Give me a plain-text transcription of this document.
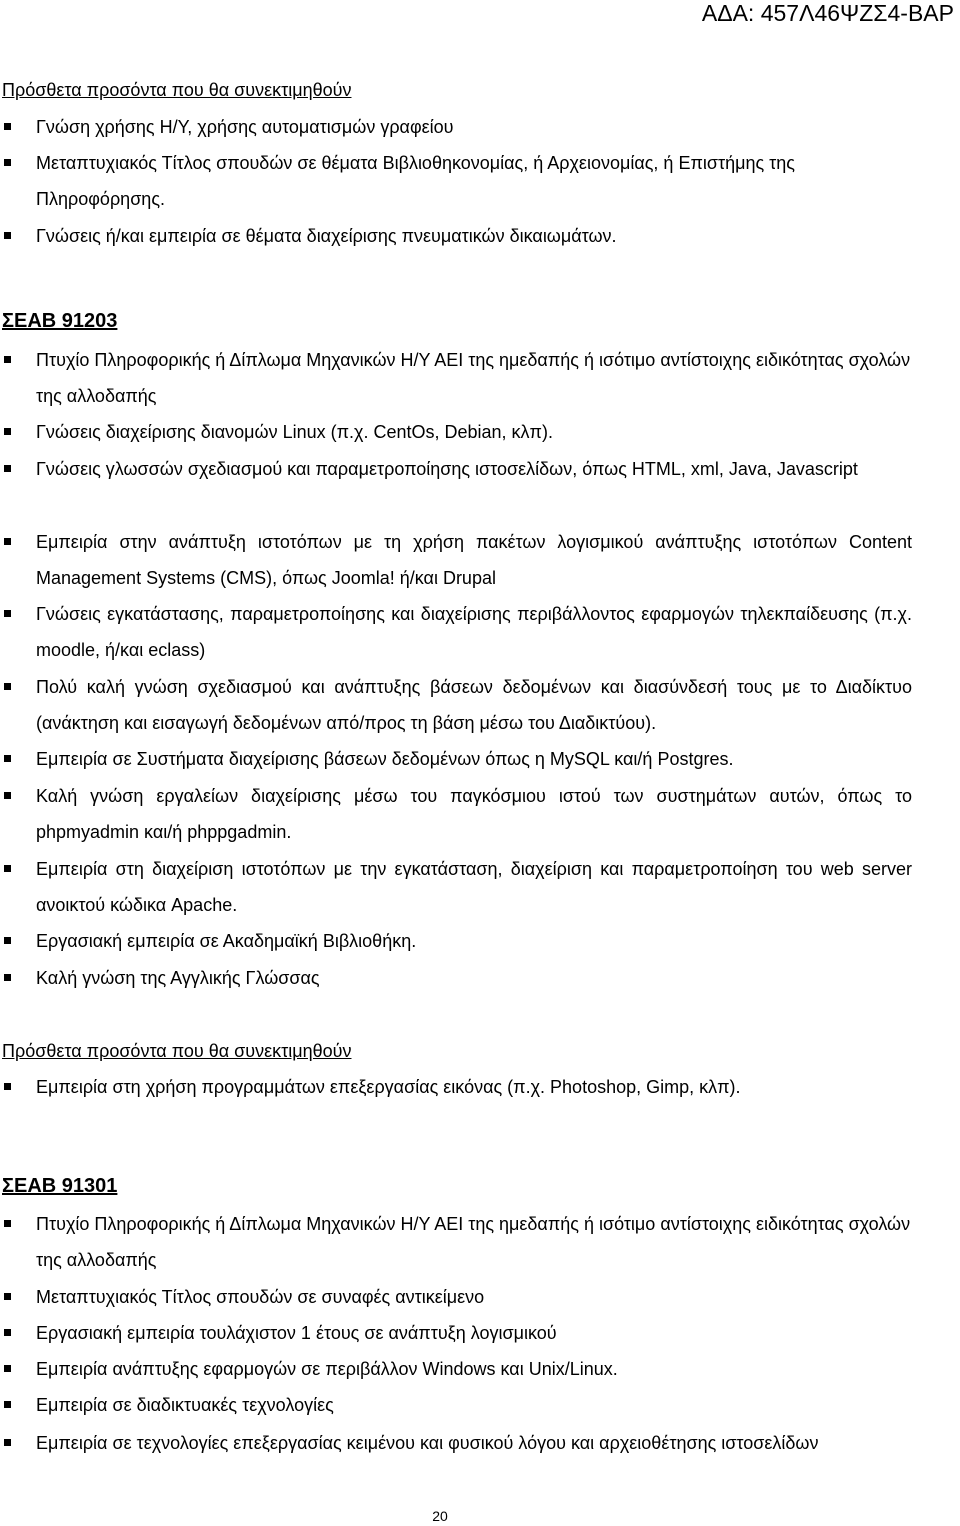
ΑΔΑ: 457Λ46ΨΖΣ4-ΒΑΡ
Πρόσθετα προσόντα που θα συνεκτιμηθούν
Γνώση χρήσης Η/Υ, χρήσης αυτοματισμών γραφείου
Μεταπτυχιακός Τίτλος σπουδών σε θέματα Βιβλιοθηκονομίας, ή Αρχειονομίας, ή Επιστήμης της Πληροφόρησης.
Γνώσεις ή/και εμπειρία σε θέματα διαχείρισης πνευματικών δικαιωμάτων.
ΣΕΑΒ 91203
Πτυχίο Πληροφορικής ή Δίπλωμα Μηχανικών Η/Υ ΑΕΙ της ημεδαπής ή ισότιμο αντίστοιχης ειδικότητας σχολών της αλλοδαπής
Γνώσεις διαχείρισης διανομών Linux (π.χ. CentOs, Debian, κλπ).
Γνώσεις γλωσσών σχεδιασμού και παραμετροποίησης ιστοσελίδων, όπως HTML, xml, Java, Javascript
Εμπειρία στην ανάπτυξη ιστοτόπων με τη χρήση πακέτων λογισμικού ανάπτυξης ιστοτόπων Content Management Systems (CMS), όπως Joomla! ή/και Drupal
Γνώσεις εγκατάστασης, παραμετροποίησης και διαχείρισης περιβάλλοντος εφαρμογών τηλεκπαίδευσης (π.χ. moodle, ή/και eclass)
Πολύ καλή γνώση σχεδιασμού και ανάπτυξης βάσεων δεδομένων και διασύνδεσή τους με το Διαδίκτυο (ανάκτηση και εισαγωγή δεδομένων από/προς τη βάση μέσω του Διαδικτύου).
Εμπειρία σε Συστήματα διαχείρισης βάσεων δεδομένων όπως η MySQL και/ή Postgres.
Καλή γνώση εργαλείων διαχείρισης μέσω του παγκόσμιου ιστού των συστημάτων αυτών, όπως το phpmyadmin και/ή phppgadmin.
Εμπειρία στη διαχείριση ιστοτόπων με την εγκατάσταση, διαχείριση και παραμετροποίηση του web server ανοικτού κώδικα Apache.
Εργασιακή εμπειρία σε Ακαδημαϊκή Βιβλιοθήκη.
Καλή γνώση της Αγγλικής Γλώσσας
Πρόσθετα προσόντα που θα συνεκτιμηθούν
Εμπειρία στη χρήση προγραμμάτων επεξεργασίας εικόνας (π.χ. Photoshop, Gimp, κλπ).
ΣΕΑΒ 91301
Πτυχίο Πληροφορικής ή Δίπλωμα Μηχανικών Η/Υ ΑΕΙ της ημεδαπής ή ισότιμο αντίστοιχης ειδικότητας σχολών της αλλοδαπής
Μεταπτυχιακός Τίτλος σπουδών σε συναφές αντικείμενο
Εργασιακή εμπειρία τουλάχιστον 1 έτους σε ανάπτυξη λογισμικού
Εμπειρία ανάπτυξης εφαρμογών σε περιβάλλον Windows και Unix/Linux.
Εμπειρία σε διαδικτυακές τεχνολογίες
Εμπειρία σε τεχνολογίες επεξεργασίας κειμένου και φυσικού λόγου και αρχειοθέτησης ιστοσελίδων
20
